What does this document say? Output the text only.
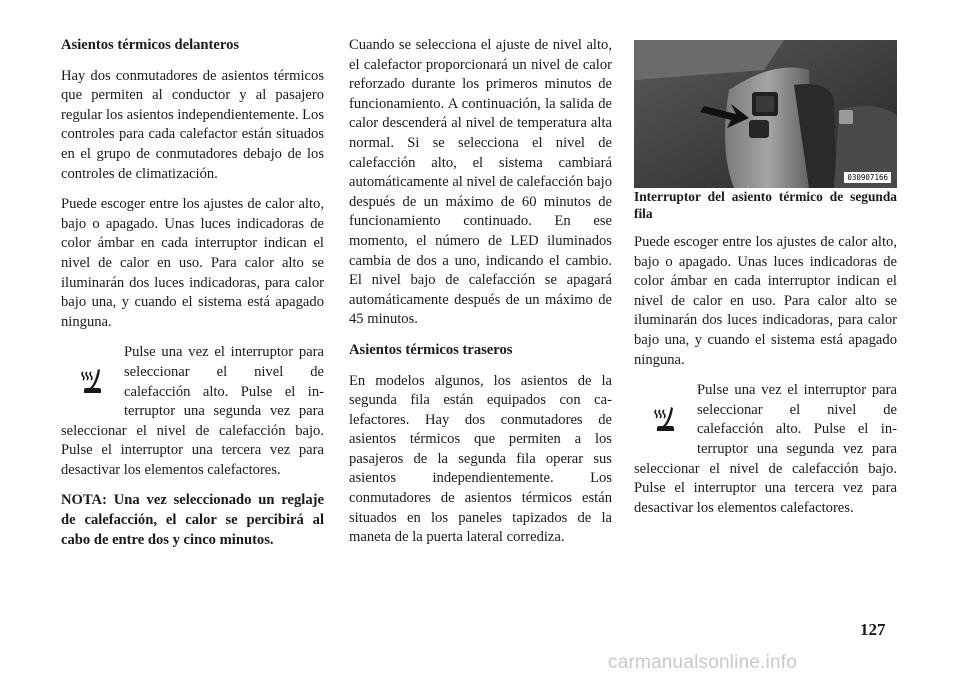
Asientos térmicos delanteros

Hay dos conmutadores de asientos térmicos que permiten al conductor y al pasajero regular los asientos independientemente. Los controles para cada calefactor están situados en el grupo de conmutadores debajo de los controles de climatización.

Puede escoger entre los ajustes de calor alto, bajo o apagado. Unas luces indicadoras de color ámbar en cada interruptor indican el nivel de calor en uso. Para calor alto se iluminarán dos luces indicadoras, para calor bajo una, y cuando el sistema está apagado ninguna.

Pulse una vez el interruptor para seleccionar el nivel de calefacción alto. Pulse el interruptor una segunda vez para seleccionar el nivel de calefacción bajo. Pulse el interruptor una tercera vez para desactivar los elementos calefactores.

NOTA: Una vez seleccionado un reglaje de calefacción, el calor se percibirá al cabo de entre dos y cinco minutos.

Cuando se selecciona el ajuste de nivel alto, el calefactor proporcionará un nivel de calor reforzado durante los primeros minutos de funcionamiento. A continuación, la salida de calor descenderá al nivel de temperatura alta normal. Si se selecciona el nivel de calefacción alto, el sistema cambiará automáticamente al nivel de calefacción bajo después de un máximo de 60 minutos de funcionamiento continuado. En ese momento, el número de LED iluminados cambia de dos a uno, indicando el cambio. El nivel bajo de calefacción se apagará automáticamente después de un máximo de 45 minutos.

Asientos térmicos traseros

En modelos algunos, los asientos de la segunda fila están equipados con calefactores. Hay dos conmutadores de asientos térmicos que permiten a los pasajeros de la segunda fila operar sus asientos independientemente. Los conmutadores de asientos térmicos están situados en los paneles tapizados de la maneta de la puerta lateral corrediza.

030907166

Interruptor del asiento térmico de segunda fila

Puede escoger entre los ajustes de calor alto, bajo o apagado. Unas luces indicadoras de color ámbar en cada interruptor indican el nivel de calor en uso. Para calor alto se iluminarán dos luces indicadoras, para calor bajo una, y cuando el sistema está apagado ninguna.

Pulse una vez el interruptor para seleccionar el nivel de calefacción alto. Pulse el interruptor una segunda vez para seleccionar el nivel de calefacción bajo. Pulse el interruptor una tercera vez para desactivar los elementos calefactores.
127
carmanualsonline.info
